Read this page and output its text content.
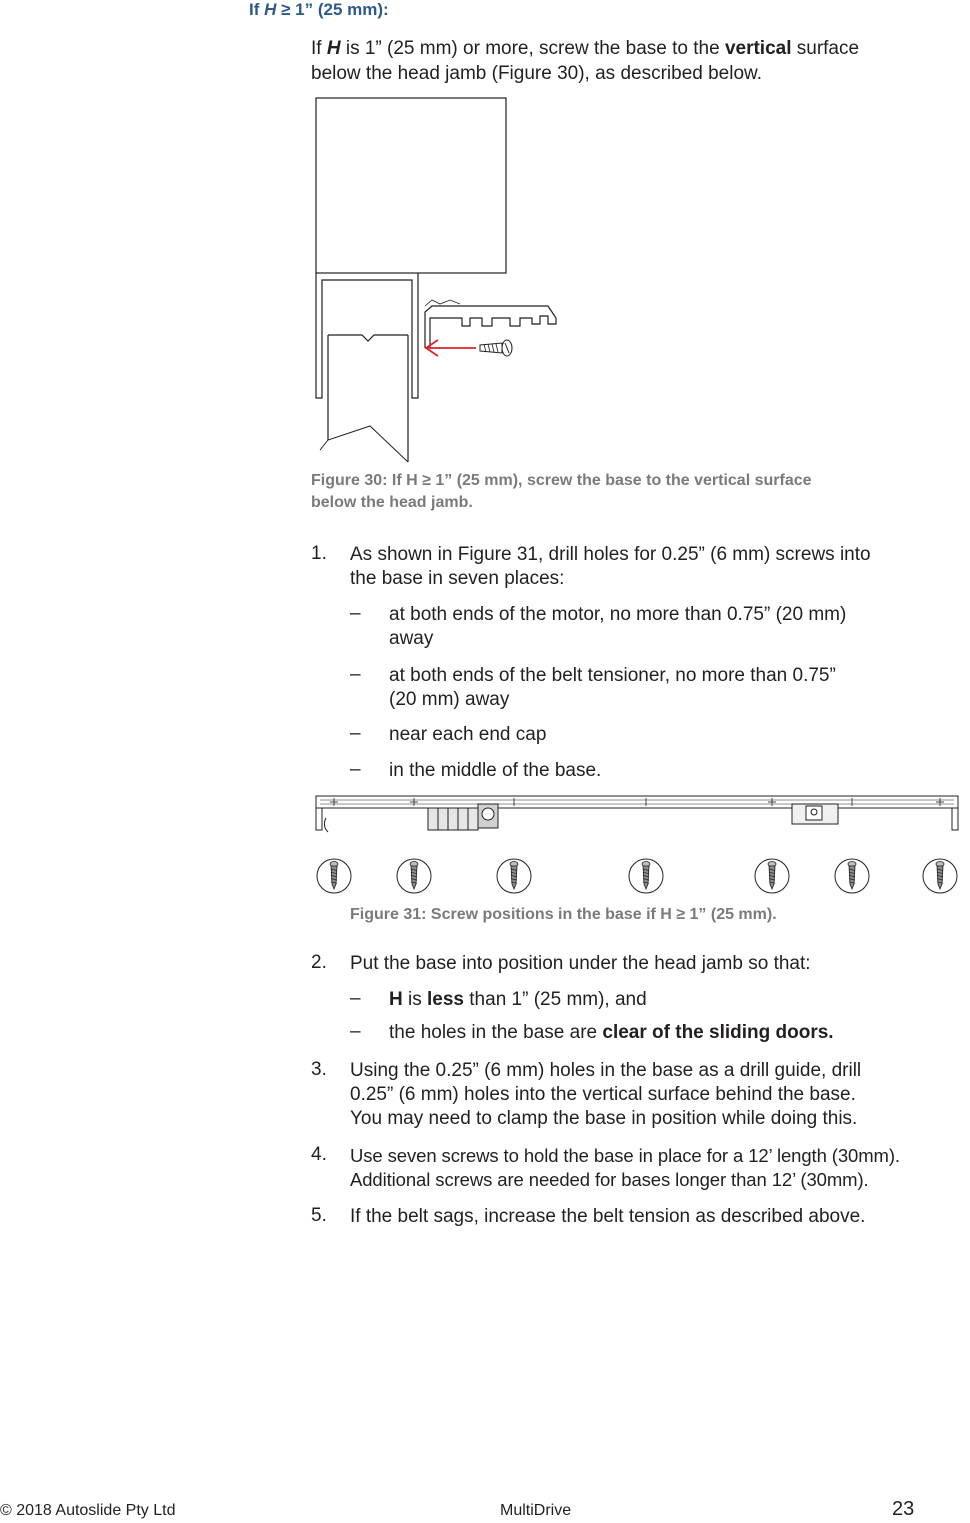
If H ≥ 1” (25 mm):
If H is 1” (25 mm) or more, screw the base to the vertical surface
below the head jamb (Figure 30), as described below.
Figure 30: If H ≥ 1” (25 mm), screw the base to the vertical surface
below the head jamb.
1. As shown in Figure 31, drill holes for 0.25” (6 mm) screws into
the base in seven places:
– at both ends of the motor, no more than 0.75” (20 mm)
away
– at both ends of the belt tensioner, no more than 0.75”
(20 mm) away
– near each end cap
– in the middle of the base.
Figure 31: Screw positions in the base if H ≥ 1” (25 mm).
2. Put the base into position under the head jamb so that:
– H is less than 1” (25 mm), and
– the holes in the base are clear of the sliding doors.
3. Using the 0.25” (6 mm) holes in the base as a drill guide, drill
0.25” (6 mm) holes into the vertical surface behind the base.
You may need to clamp the base in position while doing this.
4. Use seven screws to hold the base in place for a 12’ length (30mm).
Additional screws are needed for bases longer than 12’ (30mm).
5. If the belt sags, increase the belt tension as described above.
© 2018 Autoslide Pty Ltd	MultiDrive	23
